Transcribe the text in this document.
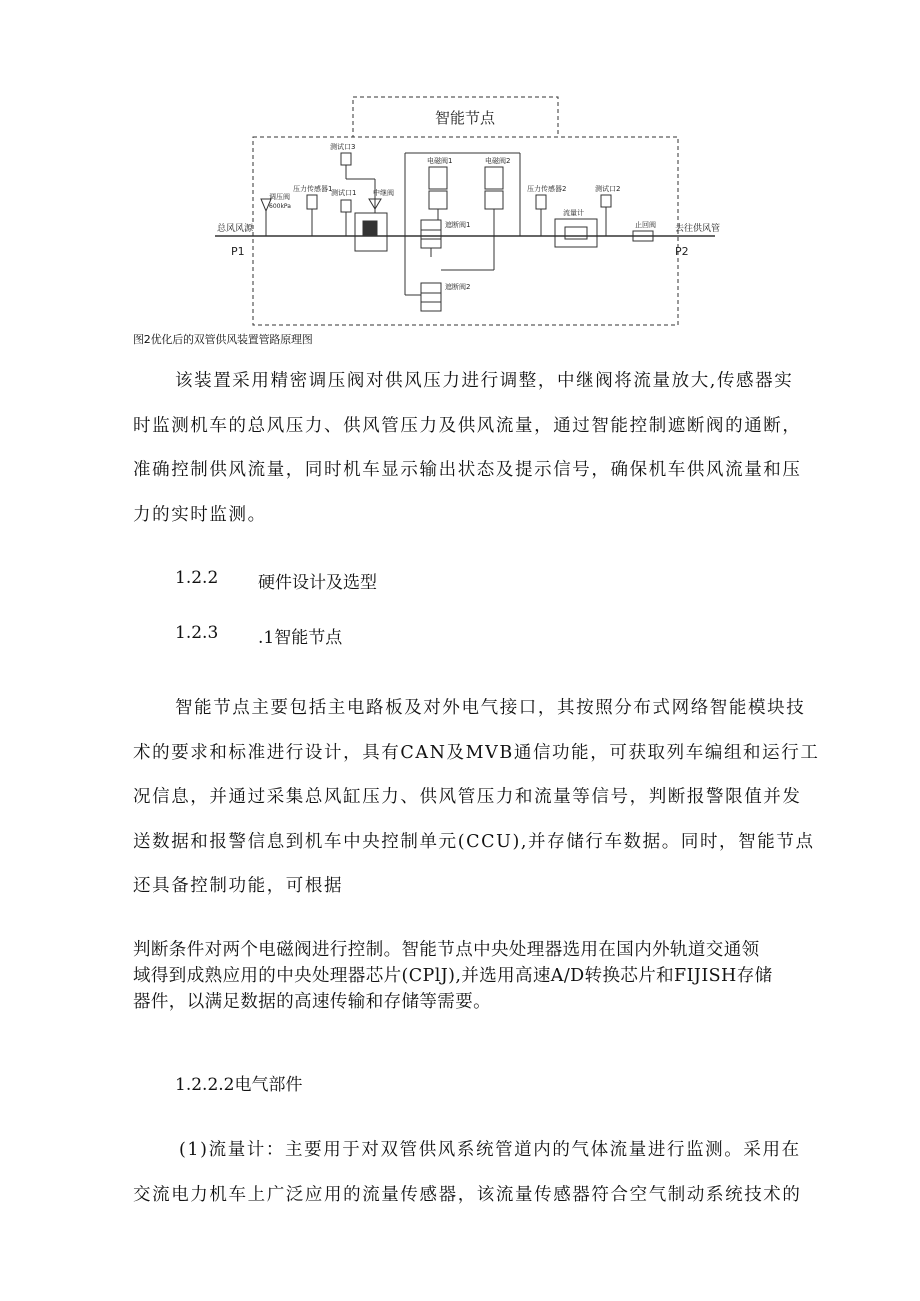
智能节点
总风风源
P1
去往供风管
P2
测试口3
调压阀
600kPa
压力传感器1
测试口1 中继阀
电磁阀1	电磁阀2
遮断阀1
遮断阀2
压力传感器2	测试口2
流量计
止回阀
图2优化后的双管供风装置管路原理图

该装置采用精密调压阀对供风压力进行调整，中继阀将流量放大,传感器实
时监测机车的总风压力、供风管压力及供风流量，通过智能控制遮断阀的通断，
准确控制供风流量，同时机车显示输出状态及提示信号，确保机车供风流量和压
力的实时监测。

1.2.2 硬件设计及选型
1.2.3 .1智能节点

智能节点主要包括主电路板及对外电气接口，其按照分布式网络智能模块技
术的要求和标准进行设计，具有CAN及MVB通信功能，可获取列车编组和运行工
况信息，并通过采集总风缸压力、供风管压力和流量等信号，判断报警限值并发
送数据和报警信息到机车中央控制单元(CCU),并存储行车数据。同时，智能节点
还具备控制功能，可根据

判断条件对两个电磁阀进行控制。智能节点中央处理器选用在国内外轨道交通领
域得到成熟应用的中央处理器芯片(CPlJ),并选用高速A/D转换芯片和FIJISH存储
器件，以满足数据的高速传输和存储等需要。

1.2.2.2电气部件

(1)流量计：主要用于对双管供风系统管道内的气体流量进行监测。采用在
交流电力机车上广泛应用的流量传感器，该流量传感器符合空气制动系统技术的
